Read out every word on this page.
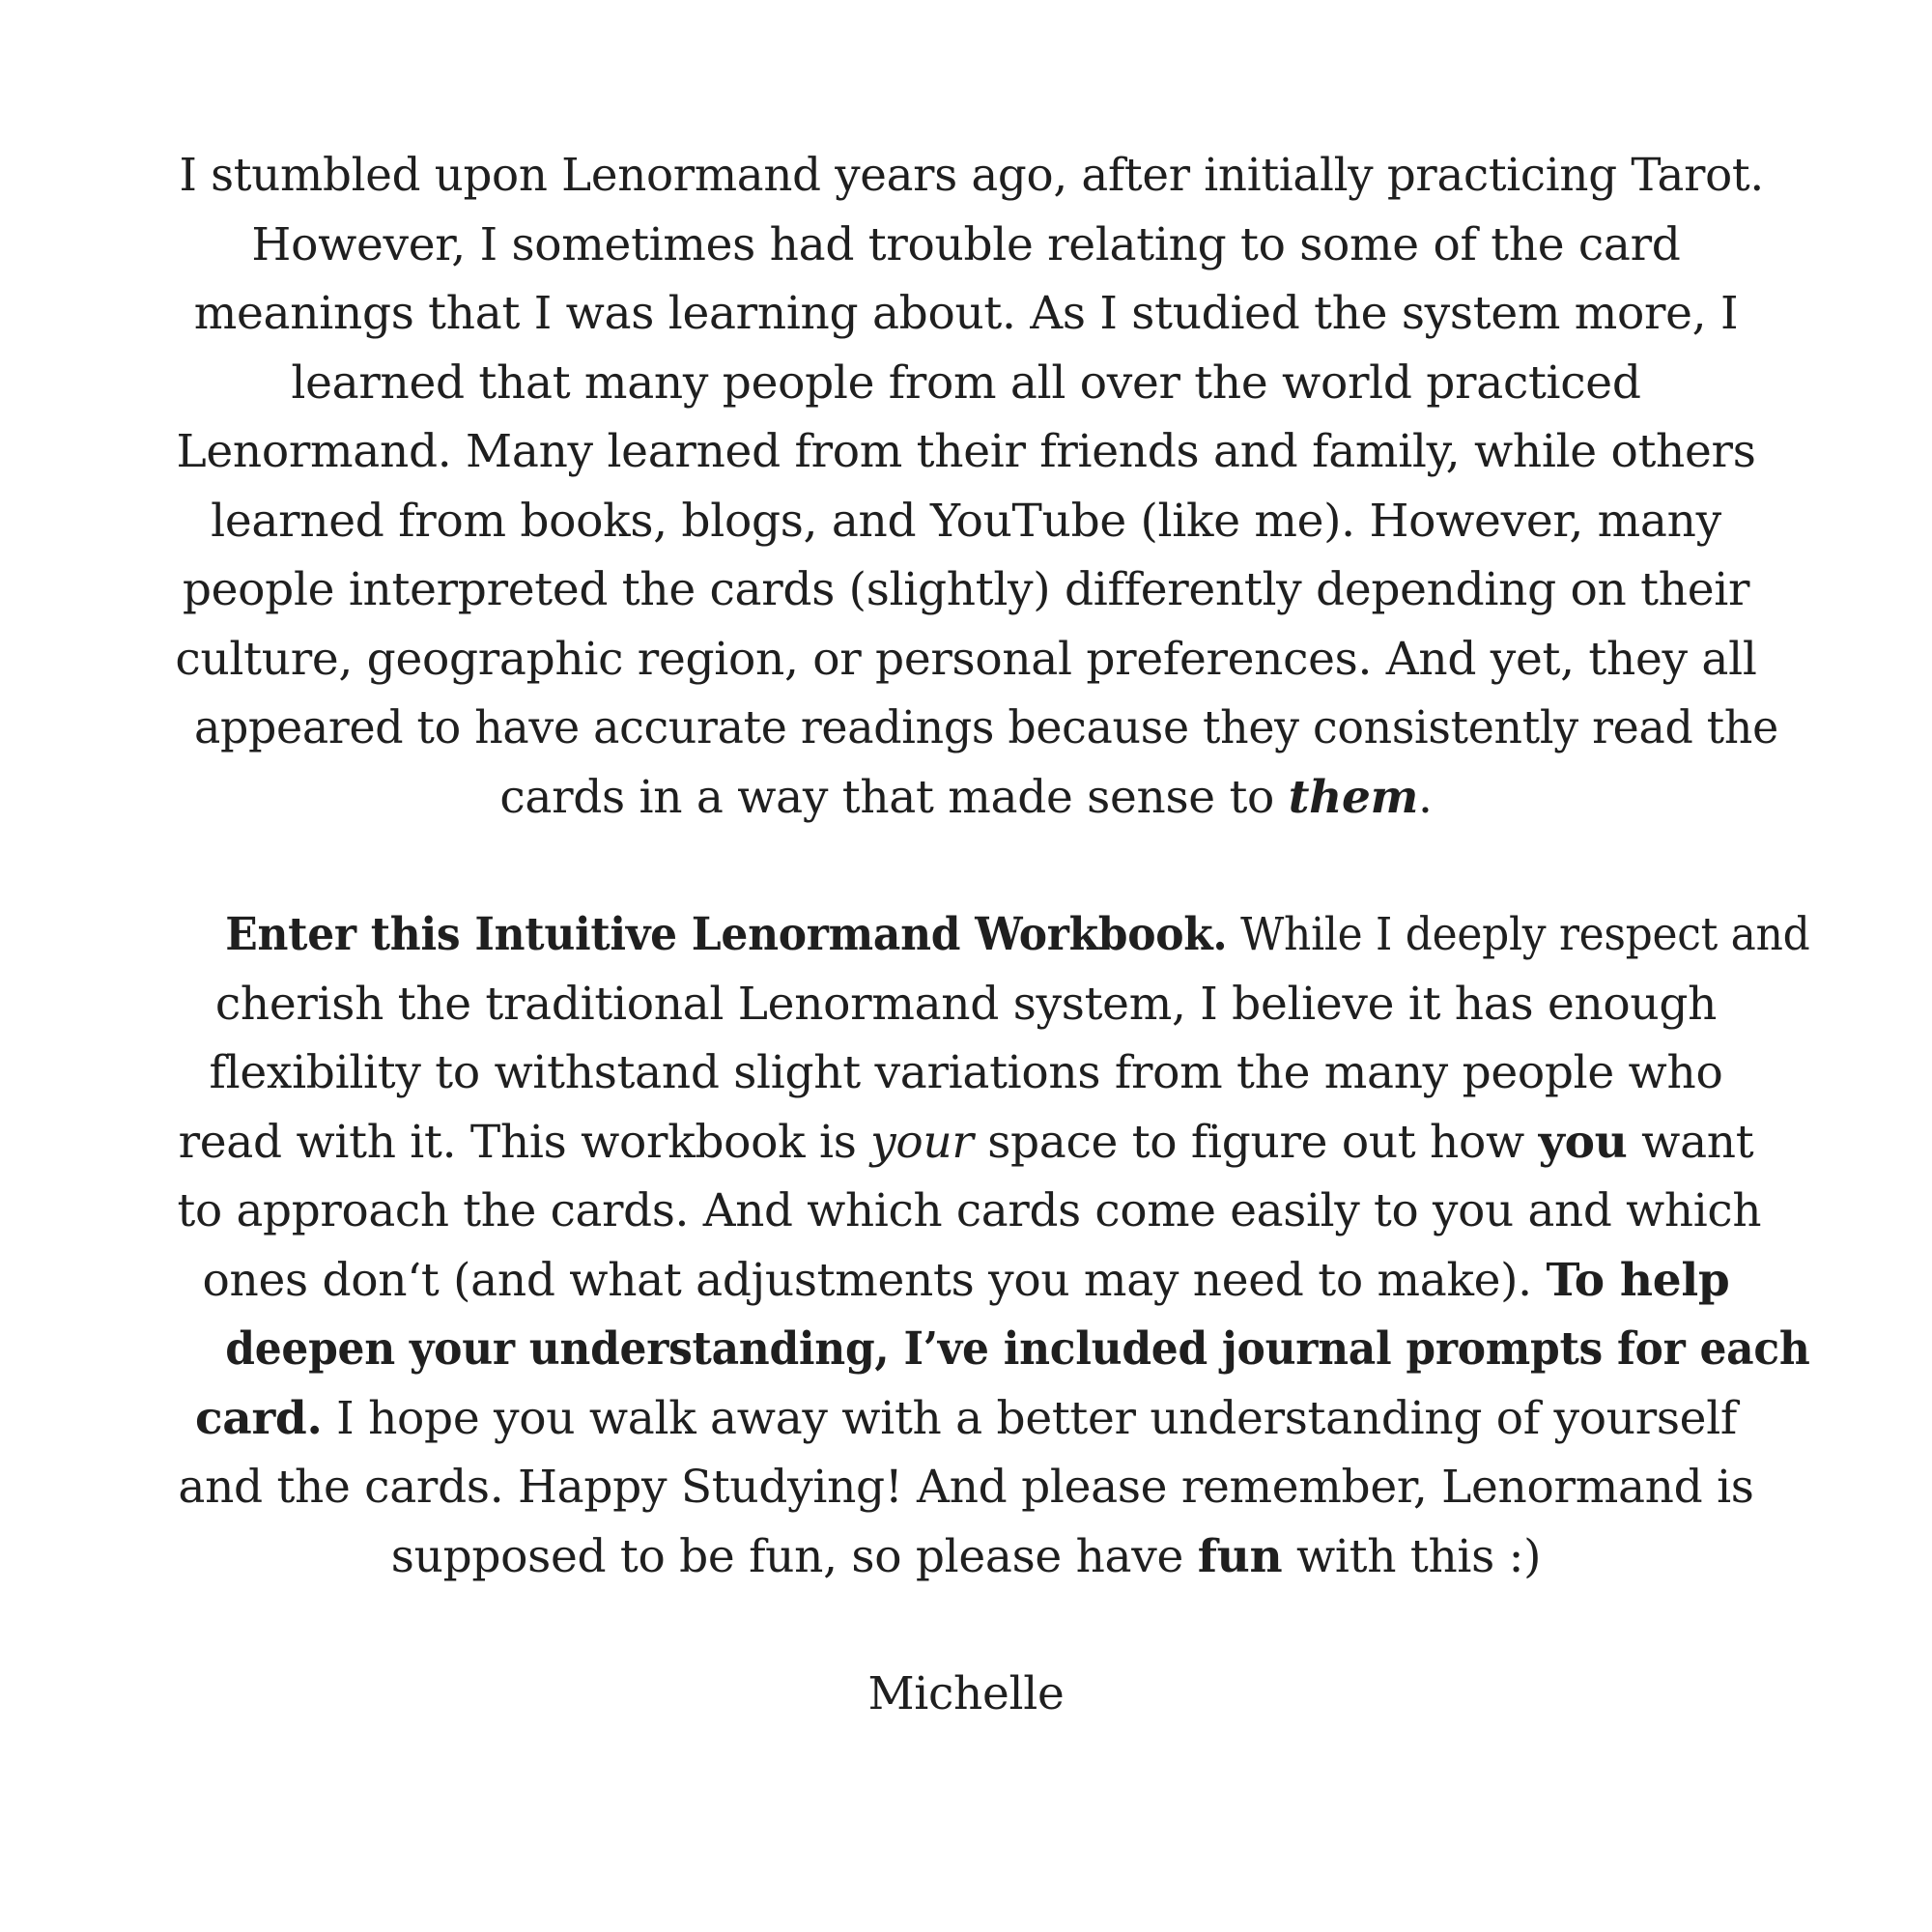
I stumbled upon Lenormand years ago, after initially practicing Tarot.
However, I sometimes had trouble relating to some of the card
meanings that I was learning about. As I studied the system more, I
learned that many people from all over the world practiced
Lenormand. Many learned from their friends and family, while others
learned from books, blogs, and YouTube (like me). However, many
people interpreted the cards (slightly) differently depending on their
culture, geographic region, or personal preferences. And yet, they all
appeared to have accurate readings because they consistently read the
cards in a way that made sense to them.
Enter this Intuitive Lenormand Workbook. While I deeply respect and
cherish the traditional Lenormand system, I believe it has enough
flexibility to withstand slight variations from the many people who
read with it. This workbook is your space to figure out how you want
to approach the cards. And which cards come easily to you and which
ones don‘t (and what adjustments you may need to make). To help
deepen your understanding, I’ve included journal prompts for each
card. I hope you walk away with a better understanding of yourself
and the cards. Happy Studying! And please remember, Lenormand is
supposed to be fun, so please have fun with this :)
Michelle
